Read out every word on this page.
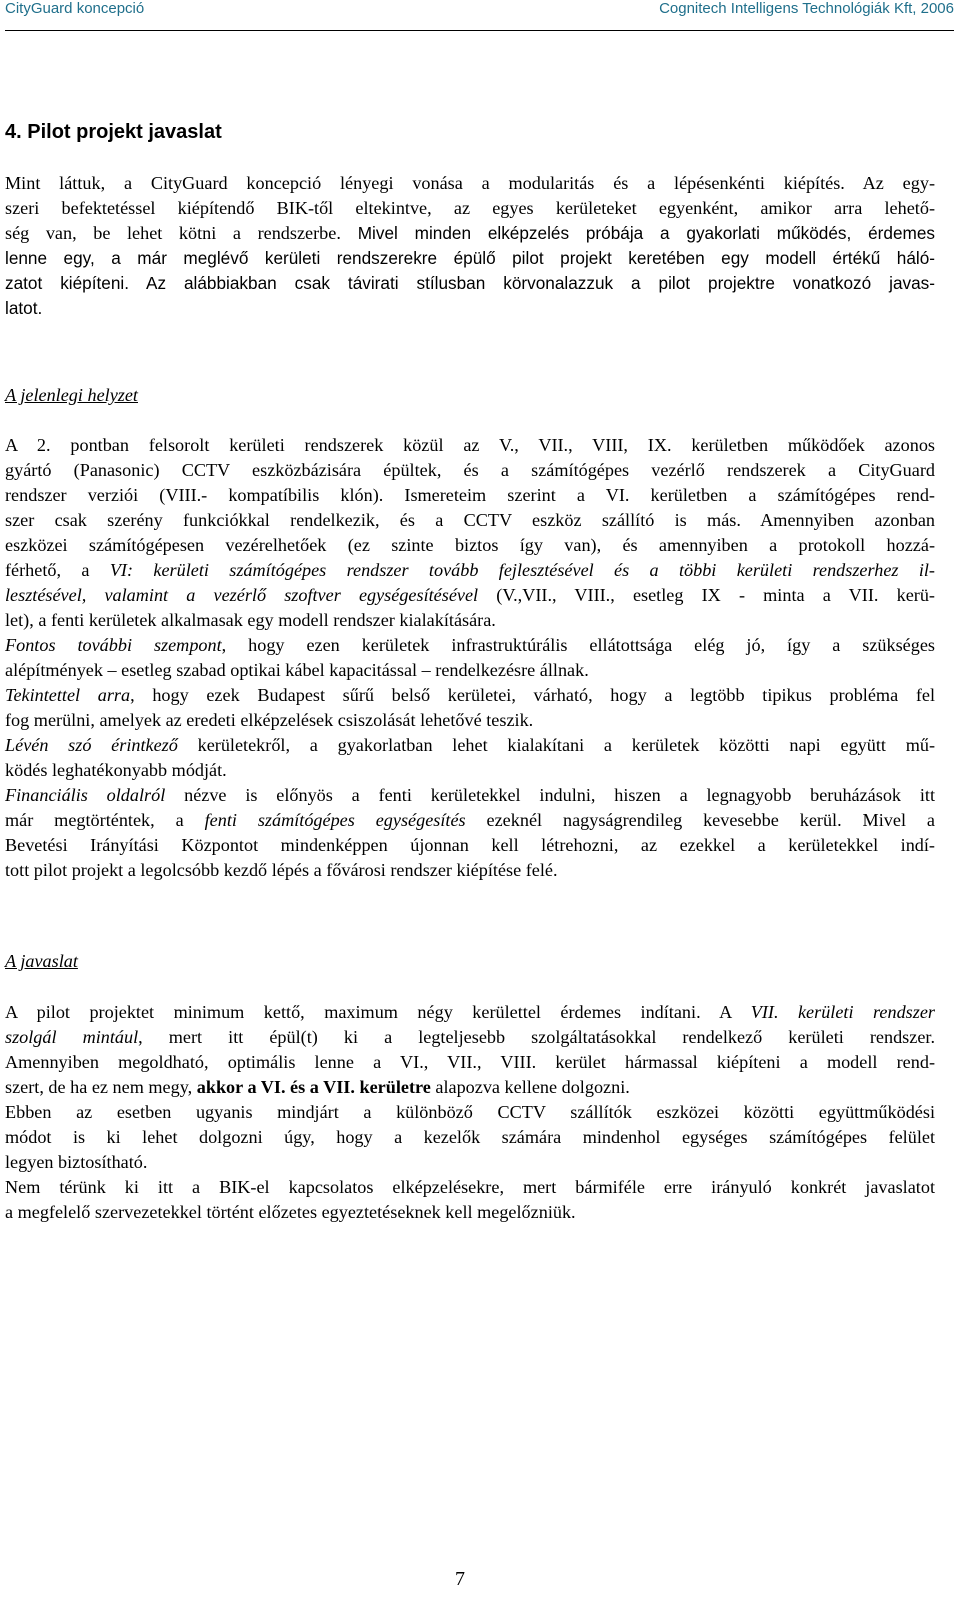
CityGuard koncepció	Cognitech Intelligens Technológiák Kft, 2006
4. Pilot projekt javaslat
Mint láttuk, a CityGuard koncepció lényegi vonása a modularitás és a lépésenkénti kiépítés. Az egy-
szeri befektetéssel kiépítendő BIK-től eltekintve, az egyes kerületeket egyenként, amikor arra lehető-
ség van, be lehet kötni a rendszerbe. Mivel minden elképzelés próbája a gyakorlati működés, érdemes
lenne egy, a már meglévő kerületi rendszerekre épülő pilot projekt keretében egy modell értékű háló-
zatot kiépíteni. Az alábbiakban csak távirati stílusban körvonalazzuk a pilot projektre vonatkozó javas-
latot.
A jelenlegi helyzet
A 2. pontban felsorolt kerületi rendszerek közül az V., VII., VIII, IX. kerületben működőek azonos
gyártó (Panasonic) CCTV eszközbázisára épültek, és a számítógépes vezérlő rendszerek a CityGuard
rendszer verziói (VIII.- kompatíbilis klón). Ismereteim szerint a VI. kerületben a számítógépes rend-
szer csak szerény funkciókkal rendelkezik, és a CCTV eszköz szállító is más. Amennyiben azonban
eszközei számítógépesen vezérelhetőek (ez szinte biztos így van), és amennyiben a protokoll hozzá-
férhető, a VI: kerületi számítógépes rendszer tovább fejlesztésével és a többi kerületi rendszerhez il-
lesztésével, valamint a vezérlő szoftver egységesítésével (V.,VII., VIII., esetleg IX - minta a VII. kerü-
let), a fenti kerületek alkalmasak egy modell rendszer kialakítására.
Fontos további szempont, hogy ezen kerületek infrastruktúrális ellátottsága elég jó, így a szükséges
alépítmények – esetleg szabad optikai kábel kapacitással – rendelkezésre állnak.
Tekintettel arra, hogy ezek Budapest sűrű belső kerületei, várható, hogy a legtöbb tipikus probléma fel
fog merülni, amelyek az eredeti elképzelések csiszolását lehetővé teszik.
Lévén szó érintkező kerületekről, a gyakorlatban lehet kialakítani a kerületek közötti napi együtt mű-
ködés leghatékonyabb módját.
Financiális oldalról nézve is előnyös a fenti kerületekkel indulni, hiszen a legnagyobb beruházások itt
már megtörténtek, a fenti számítógépes egységesítés ezeknél nagyságrendileg kevesebbe kerül. Mivel a
Bevetési Irányítási Központot mindenképpen újonnan kell létrehozni, az ezekkel a kerületekkel indí-
tott pilot projekt a legolcsóbb kezdő lépés a fővárosi rendszer kiépítése felé.
A javaslat
A pilot projektet minimum kettő, maximum négy kerülettel érdemes indítani. A VII. kerületi rendszer
szolgál mintául, mert itt épül(t) ki a legteljesebb szolgáltatásokkal rendelkező kerületi rendszer.
Amennyiben megoldható, optimális lenne a VI., VII., VIII. kerület hármassal kiépíteni a modell rend-
szert, de ha ez nem megy, akkor a VI. és a VII. kerületre alapozva kellene dolgozni.
Ebben az esetben ugyanis mindjárt a különböző CCTV szállítók eszközei közötti együttműködési
módot is ki lehet dolgozni úgy, hogy a kezelők számára mindenhol egységes számítógépes felület
legyen biztosítható.
Nem térünk ki itt a BIK-el kapcsolatos elképzelésekre, mert bármiféle erre irányuló konkrét javaslatot
a megfelelő szervezetekkel történt előzetes egyeztetéseknek kell megelőzniük.
7
